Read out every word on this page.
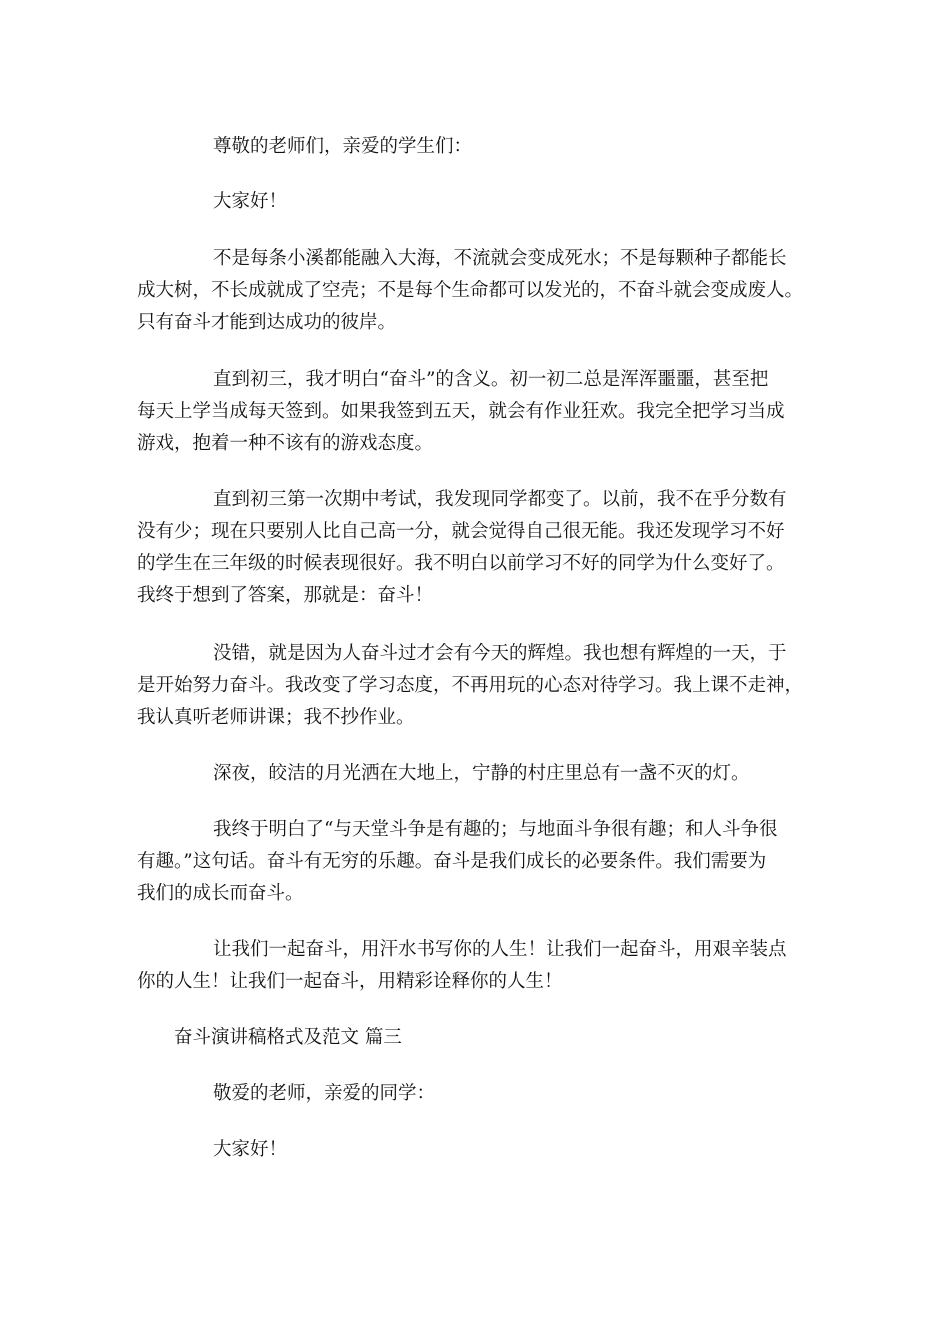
尊敬的老师们，亲爱的学生们：

大家好！

不是每条小溪都能融入大海，不流就会变成死水；不是每颗种子都能长
成大树，不长成就成了空壳；不是每个生命都可以发光的，不奋斗就会变成废人。
只有奋斗才能到达成功的彼岸。

直到初三，我才明白“奋斗”的含义。初一初二总是浑浑噩噩，甚至把
每天上学当成每天签到。如果我签到五天，就会有作业狂欢。我完全把学习当成
游戏，抱着一种不该有的游戏态度。

直到初三第一次期中考试，我发现同学都变了。以前，我不在乎分数有
没有少；现在只要别人比自己高一分，就会觉得自己很无能。我还发现学习不好
的学生在三年级的时候表现很好。我不明白以前学习不好的同学为什么变好了。
我终于想到了答案，那就是：奋斗！

没错，就是因为人奋斗过才会有今天的辉煌。我也想有辉煌的一天，于
是开始努力奋斗。我改变了学习态度，不再用玩的心态对待学习。我上课不走神，
我认真听老师讲课；我不抄作业。

深夜，皎洁的月光洒在大地上，宁静的村庄里总有一盏不灭的灯。

我终于明白了“与天堂斗争是有趣的；与地面斗争很有趣；和人斗争很
有趣。”这句话。奋斗有无穷的乐趣。奋斗是我们成长的必要条件。我们需要为
我们的成长而奋斗。

让我们一起奋斗，用汗水书写你的人生！让我们一起奋斗，用艰辛装点
你的人生！让我们一起奋斗，用精彩诠释你的人生！

奋斗演讲稿格式及范文 篇三

敬爱的老师，亲爱的同学：

大家好！
